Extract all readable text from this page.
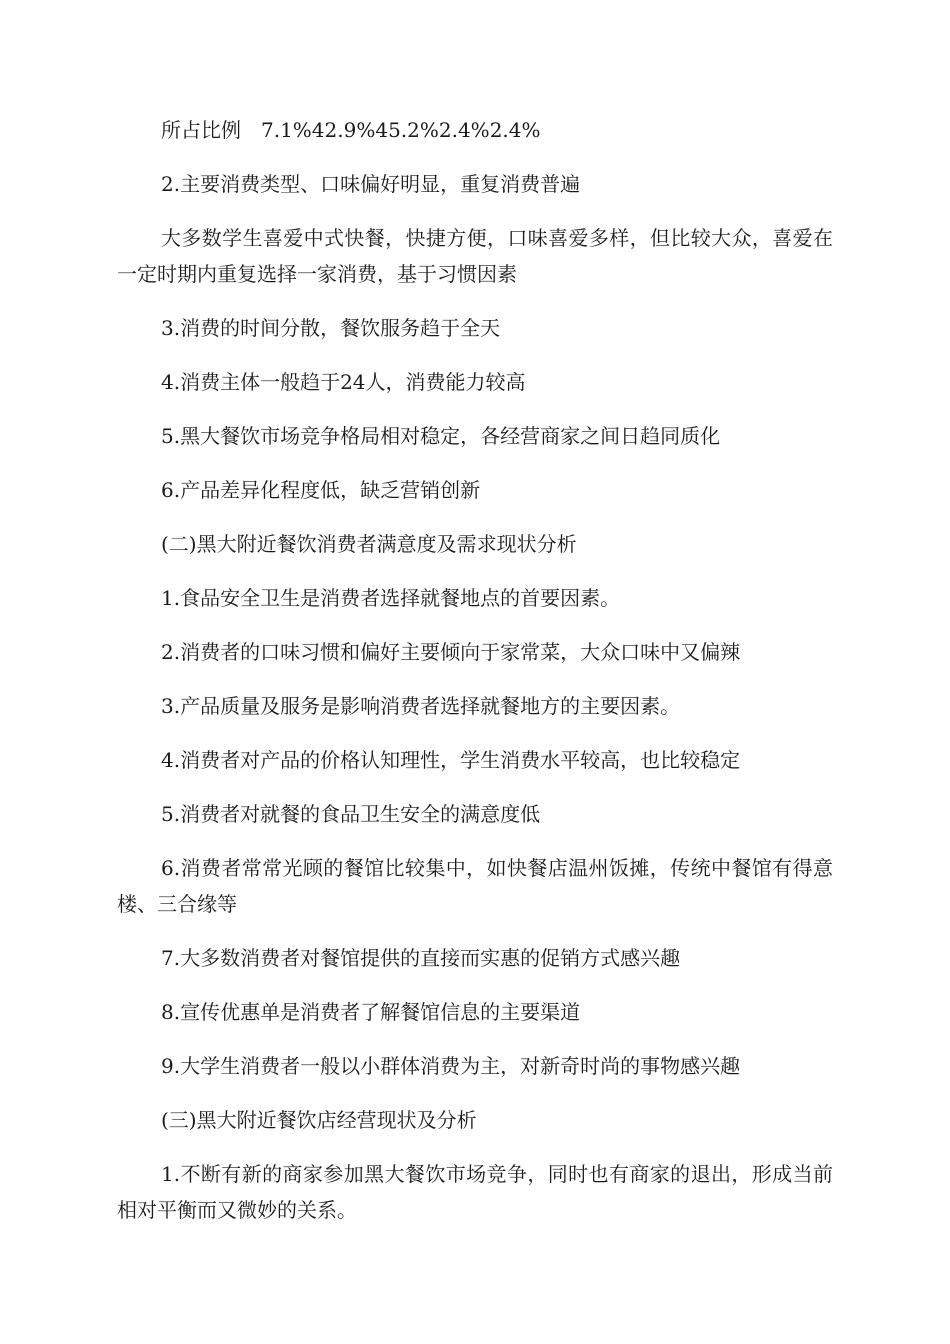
所占比例　7.1%42.9%45.2%2.4%2.4%

2.主要消费类型、口味偏好明显，重复消费普遍

大多数学生喜爱中式快餐，快捷方便，口味喜爱多样，但比较大众，喜爱在一定时期内重复选择一家消费，基于习惯因素

3.消费的时间分散，餐饮服务趋于全天

4.消费主体一般趋于24人，消费能力较高

5.黑大餐饮市场竞争格局相对稳定，各经营商家之间日趋同质化

6.产品差异化程度低，缺乏营销创新

(二)黑大附近餐饮消费者满意度及需求现状分析

1.食品安全卫生是消费者选择就餐地点的首要因素。

2.消费者的口味习惯和偏好主要倾向于家常菜，大众口味中又偏辣

3.产品质量及服务是影响消费者选择就餐地方的主要因素。

4.消费者对产品的价格认知理性，学生消费水平较高，也比较稳定

5.消费者对就餐的食品卫生安全的满意度低

6.消费者常常光顾的餐馆比较集中，如快餐店温州饭摊，传统中餐馆有得意楼、三合缘等

7.大多数消费者对餐馆提供的直接而实惠的促销方式感兴趣

8.宣传优惠单是消费者了解餐馆信息的主要渠道

9.大学生消费者一般以小群体消费为主，对新奇时尚的事物感兴趣

(三)黑大附近餐饮店经营现状及分析

1.不断有新的商家参加黑大餐饮市场竞争，同时也有商家的退出，形成当前相对平衡而又微妙的关系。
